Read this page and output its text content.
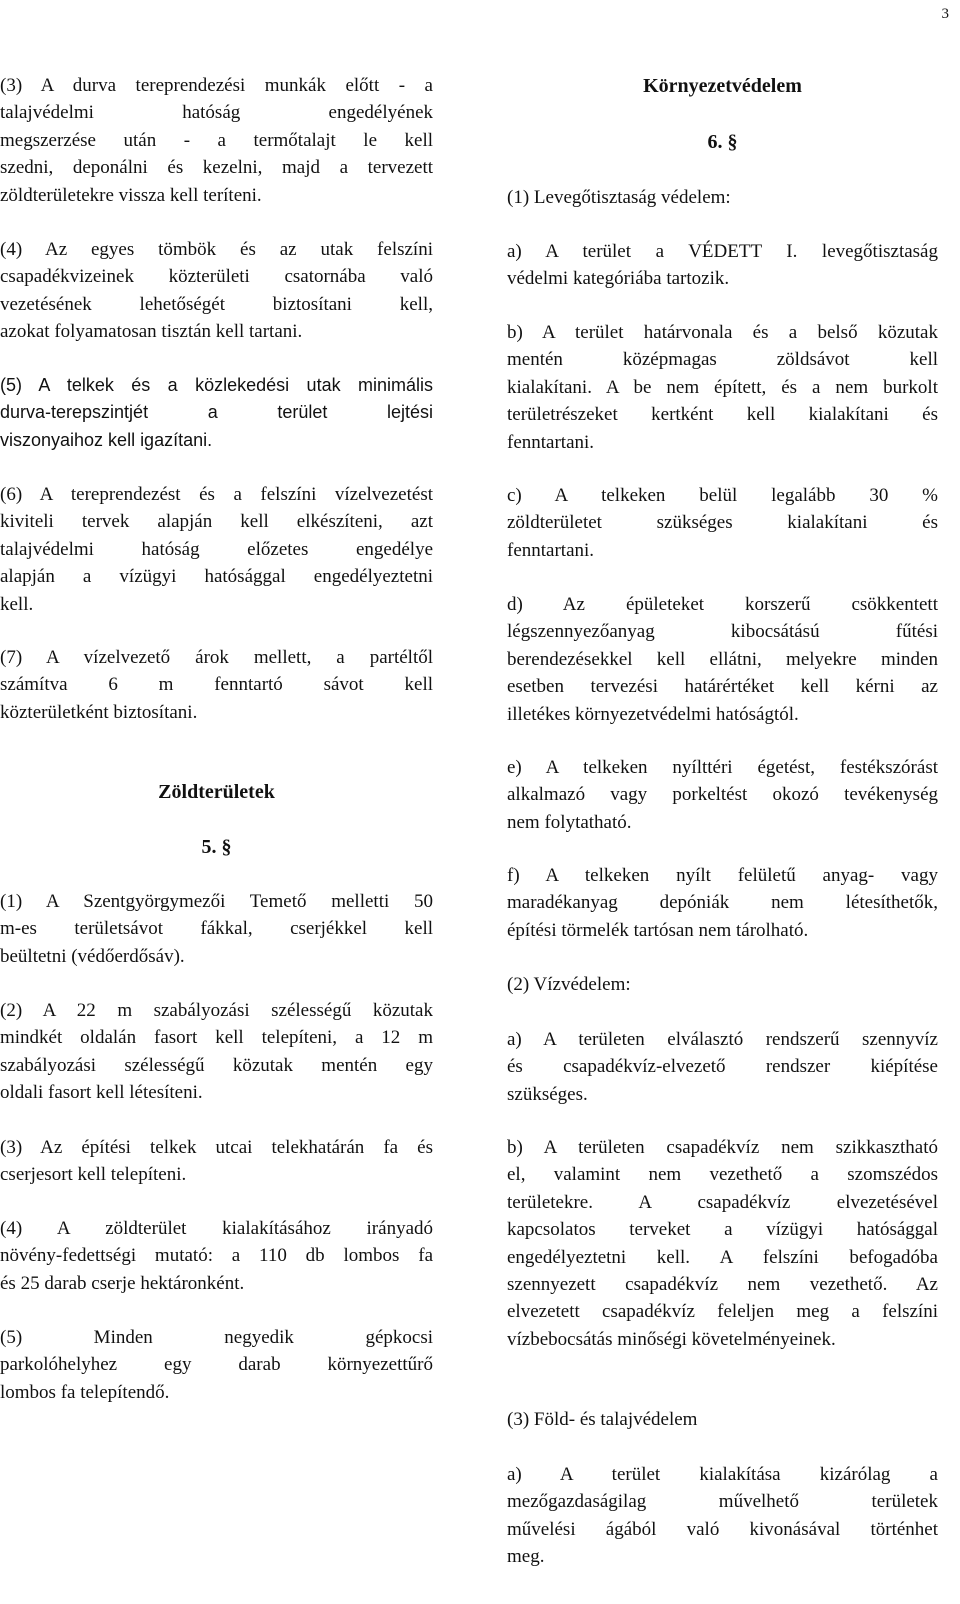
3
(3) A durva tereprendezési munkák előtt - a
talajvédelmi hatóság engedélyének
megszerzése után - a termőtalajt le kell
szedni, deponálni és kezelni, majd a tervezett
zöldterületekre vissza kell teríteni.
(4) Az egyes tömbök és az utak felszíni
csapadékvizeinek közterületi csatornába való
vezetésének lehetőségét biztosítani kell,
azokat folyamatosan tisztán kell tartani.
(5) A telkek és a közlekedési utak minimális
durva-terepszintjét a terület lejtési
viszonyaihoz kell igazítani.
(6) A tereprendezést és a felszíni vízelvezetést
kiviteli tervek alapján kell elkészíteni, azt
talajvédelmi hatóság előzetes engedélye
alapján a vízügyi hatósággal engedélyeztetni
kell.
(7) A vízelvezető árok mellett, a partéltől
számítva 6 m fenntartó sávot kell
közterületként biztosítani.
Zöldterületek
5. §
(1) A Szentgyörgymezői Temető melletti 50
m-es területsávot fákkal, cserjékkel kell
beültetni (védőerdősáv).
(2) A 22 m szabályozási szélességű közutak
mindkét oldalán fasort kell telepíteni, a 12 m
szabályozási szélességű közutak mentén egy
oldali fasort kell létesíteni.
(3) Az építési telkek utcai telekhatárán fa és
cserjesort kell telepíteni.
(4) A zöldterület kialakításához irányadó
növény-fedettségi mutató: a 110 db lombos fa
és 25 darab cserje hektáronként.
(5) Minden negyedik gépkocsi
parkolóhelyhez egy darab környezettűrő
lombos fa telepítendő.
Környezetvédelem
6. §
(1) Levegőtisztaság védelem:
a) A terület a VÉDETT I. levegőtisztaság
védelmi kategóriába tartozik.
b) A terület határvonala és a belső közutak
mentén középmagas zöldsávot kell
kialakítani. A be nem épített, és a nem burkolt
területrészeket kertként kell kialakítani és
fenntartani.
c) A telkeken belül legalább 30 %
zöldterületet szükséges kialakítani és
fenntartani.
d) Az épületeket korszerű csökkentett
légszennyezőanyag kibocsátású fűtési
berendezésekkel kell ellátni, melyekre minden
esetben tervezési határértéket kell kérni az
illetékes környezetvédelmi hatóságtól.
e) A telkeken nyílttéri égetést, festékszórást
alkalmazó vagy porkeltést okozó tevékenység
nem folytatható.
f) A telkeken nyílt felületű anyag- vagy
maradékanyag depóniák nem létesíthetők,
építési törmelék tartósan nem tárolható.
(2) Vízvédelem:
a) A területen elválasztó rendszerű szennyvíz
és csapadékvíz-elvezető rendszer kiépítése
szükséges.
b) A területen csapadékvíz nem szikkasztható
el, valamint nem vezethető a szomszédos
területekre. A csapadékvíz elvezetésével
kapcsolatos terveket a vízügyi hatósággal
engedélyeztetni kell. A felszíni befogadóba
szennyezett csapadékvíz nem vezethető. Az
elvezetett csapadékvíz feleljen meg a felszíni
vízbebocsátás minőségi követelményeinek.
(3) Föld- és talajvédelem
a) A terület kialakítása kizárólag a
mezőgazdaságilag művelhető területek
művelési ágából való kivonásával történhet
meg.
